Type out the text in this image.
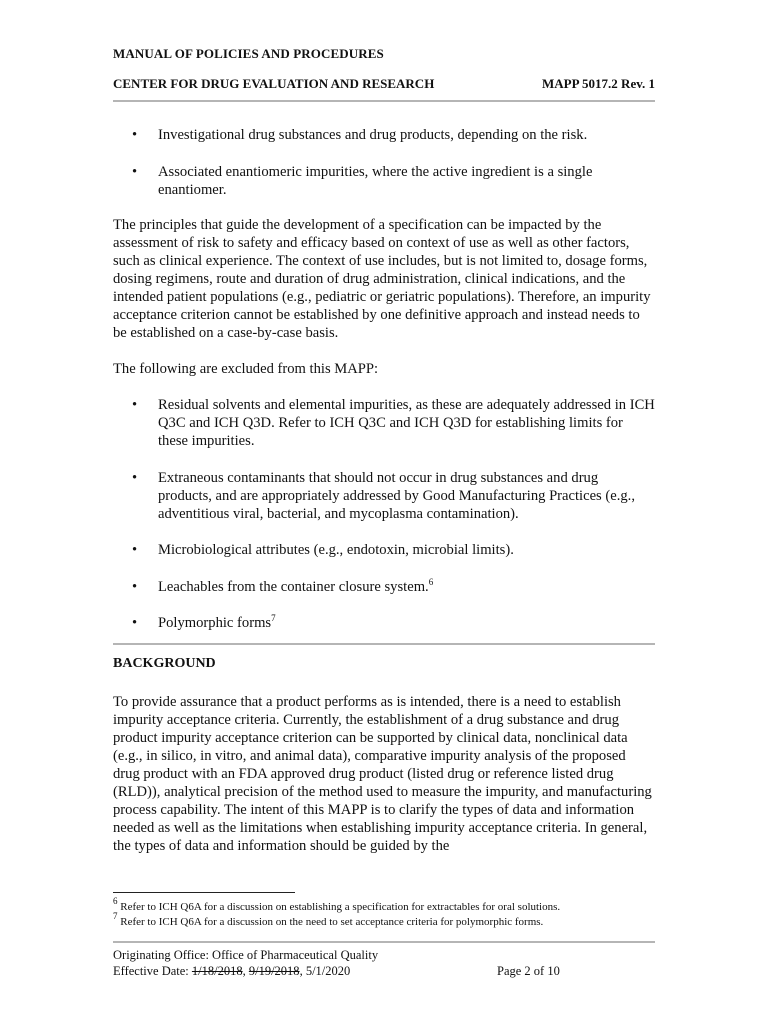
MANUAL OF POLICIES AND PROCEDURES
CENTER FOR DRUG EVALUATION AND RESEARCH	MAPP 5017.2 Rev. 1
• Investigational drug substances and drug products, depending on the risk.
• Associated enantiomeric impurities, where the active ingredient is a single enantiomer.
The principles that guide the development of a specification can be impacted by the assessment of risk to safety and efficacy based on context of use as well as other factors, such as clinical experience. The context of use includes, but is not limited to, dosage forms, dosing regimens, route and duration of drug administration, clinical indications, and the intended patient populations (e.g., pediatric or geriatric populations). Therefore, an impurity acceptance criterion cannot be established by one definitive approach and instead needs to be established on a case-by-case basis.
The following are excluded from this MAPP:
• Residual solvents and elemental impurities, as these are adequately addressed in ICH Q3C and ICH Q3D. Refer to ICH Q3C and ICH Q3D for establishing limits for these impurities.
• Extraneous contaminants that should not occur in drug substances and drug products, and are appropriately addressed by Good Manufacturing Practices (e.g., adventitious viral, bacterial, and mycoplasma contamination).
• Microbiological attributes (e.g., endotoxin, microbial limits).
• Leachables from the container closure system.$^6$
• Polymorphic forms$^7$
BACKGROUND
To provide assurance that a product performs as is intended, there is a need to establish impurity acceptance criteria. Currently, the establishment of a drug substance and drug product impurity acceptance criterion can be supported by clinical data, nonclinical data (e.g., in silico, in vitro, and animal data), comparative impurity analysis of the proposed drug product with an FDA approved drug product (listed drug or reference listed drug (RLD)), analytical precision of the method used to measure the impurity, and manufacturing process capability. The intent of this MAPP is to clarify the types of data and information needed as well as the limitations when establishing impurity acceptance criteria. In general, the types of data and information should be guided by the
$^6$ Refer to ICH Q6A for a discussion on establishing a specification for extractables for oral solutions.
$^7$ Refer to ICH Q6A for a discussion on the need to set acceptance criteria for polymorphic forms.
Originating Office: Office of Pharmaceutical Quality
Effective Date: 1/18/2018, 9/19/2018, 5/1/2020	Page 2 of 10
